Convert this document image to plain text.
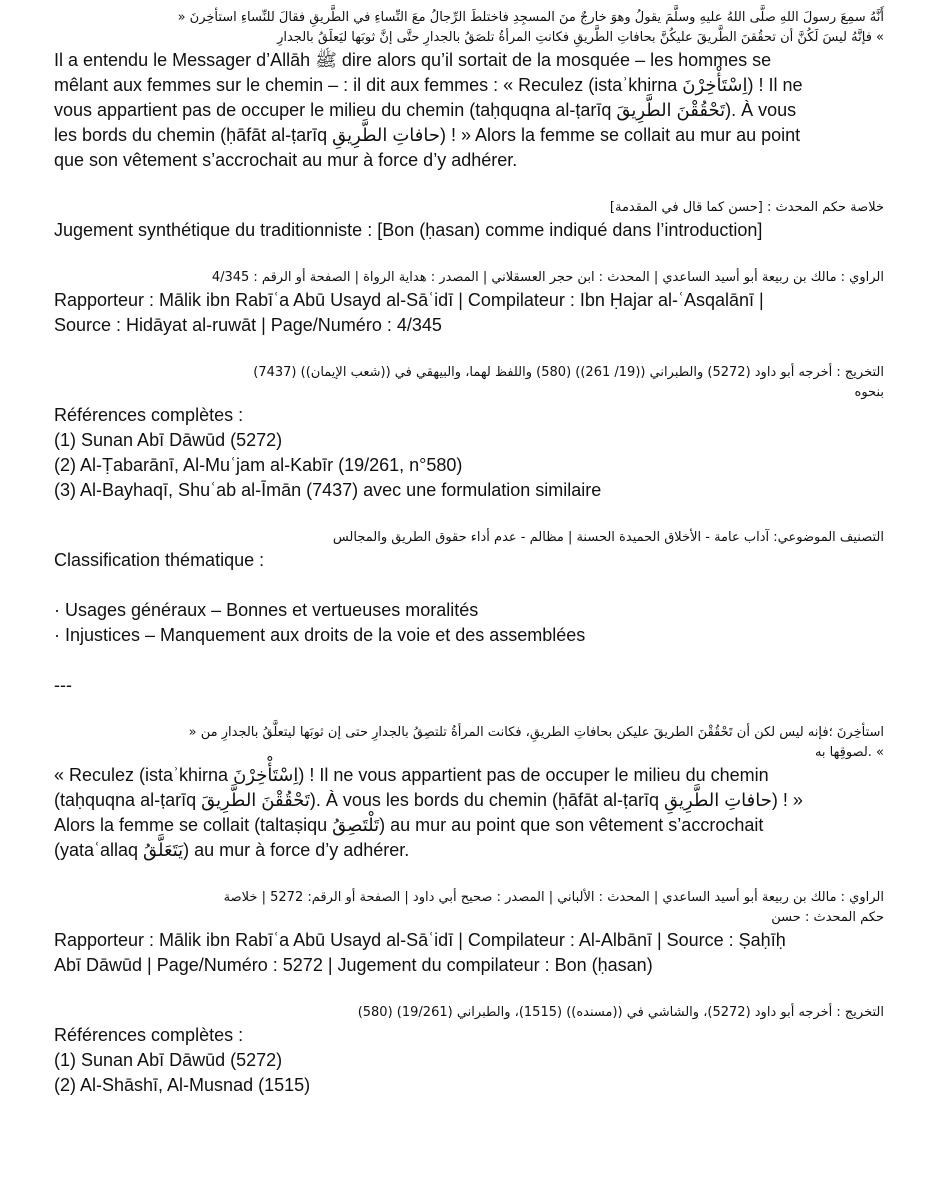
أَنَّهُ سمِعَ رسولَ اللهِ صلَّى اللهُ عليهِ وسلَّمَ يقولُ وهوَ خارجٌ منَ المسجِدِ فاختلطَ الرِّجالُ معَ النِّساءِ في الطَّريقِ فقالَ للنِّساءِ استأخِرنَ «

» فإنَّهُ ليسَ لَكُنَّ أن تحقُقنَ الطَّريقَ عليكُنَّ بحافاتِ الطَّريقِ فكانتِ المرأةُ تلصَقُ بالجدارِ حتَّى إنَّ ثوبَها ليَعلَقُ بالجدارِ

Il a entendu le Messager d’Allāh ﷺ dire alors qu’il sortait de la mosquée – les hommes se

mêlant aux femmes sur le chemin – : il dit aux femmes : « Reculez (istaʾkhirna اِسْتَأْخِرْنَ) ! Il ne

vous appartient pas de occuper le milieu du chemin (taḥquqna al-ṭarīq تَحْقُقْنَ الطَّرِيقَ). À vous

les bords du chemin (ḥāfāt al-ṭarīq حافاتِ الطَّرِيقِ) ! » Alors la femme se collait au mur au point

que son vêtement s’accrochait au mur à force d’y adhérer.

خلاصة حكم المحدث : [حسن كما قال في المقدمة]

Jugement synthétique du traditionniste : [Bon (ḥasan) comme indiqué dans l’introduction]

الراوي : مالك بن ربيعة أبو أسيد الساعدي | المحدث : ابن حجر العسقلاني | المصدر : هداية الرواة | الصفحة أو الرقم : 4/345

Rapporteur : Mālik ibn Rabīʿa Abū Usayd al-Sāʿidī | Compilateur : Ibn Ḥajar al-ʿAsqalānī |

Source : Hidāyat al-ruwāt | Page/Numéro : 4/345

التخريج : أخرجه أبو داود (5272) والطبراني ((19/ 261)) (580) واللفظ لهما، والبيهقي في ((شعب الإيمان)) (7437)

بنحوه

Références complètes :

(1) Sunan Abī Dāwūd (5272)

(2) Al-Ṭabarānī, Al-Muʿjam al-Kabīr (19/261, n°580)

(3) Al-Bayhaqī, Shuʿab al-Īmān (7437) avec une formulation similaire

التصنيف الموضوعي: آداب عامة - الأخلاق الحميدة الحسنة | مظالم - عدم أداء حقوق الطريق والمجالس

Classification thématique :

· Usages généraux – Bonnes et vertueuses moralités

· Injustices – Manquement aux droits de la voie et des assemblées

---

استأخِرنَ ؛فإنه ليس لكن أن تَحْقُقْنَ الطريقَ عليكن بحافاتِ الطريقِ، فكانت المرأةُ تلتصِقُ بالجدارِ حتى إن ثوبَها ليتعلَّقُ بالجدارِ من «

» .لصوقِها به

« Reculez (istaʾkhirna اِسْتَأْخِرْنَ) ! Il ne vous appartient pas de occuper le milieu du chemin

(taḥquqna al-ṭarīq تَحْقُقْنَ الطَّرِيقَ). À vous les bords du chemin (ḥāfāt al-ṭarīq حافاتِ الطَّرِيقِ) ! »

Alors la femme se collait (taltaṣiqu تَلْتَصِقُ) au mur au point que son vêtement s’accrochait

(yataʿallaq يَتَعَلَّقُ) au mur à force d’y adhérer.

الراوي : مالك بن ربيعة أبو أسيد الساعدي | المحدث : الألباني | المصدر : صحيح أبي داود | الصفحة أو الرقم: 5272 | خلاصة

حكم المحدث : حسن

Rapporteur : Mālik ibn Rabīʿa Abū Usayd al-Sāʿidī | Compilateur : Al-Albānī | Source : Ṣaḥīḥ

Abī Dāwūd | Page/Numéro : 5272 | Jugement du compilateur : Bon (ḥasan)

التخريج : أخرجه أبو داود (5272)، والشاشي في ((مسنده)) (1515)، والطبراني (19/261) (580)

Références complètes :

(1) Sunan Abī Dāwūd (5272)

(2) Al-Shāshī, Al-Musnad (1515)
